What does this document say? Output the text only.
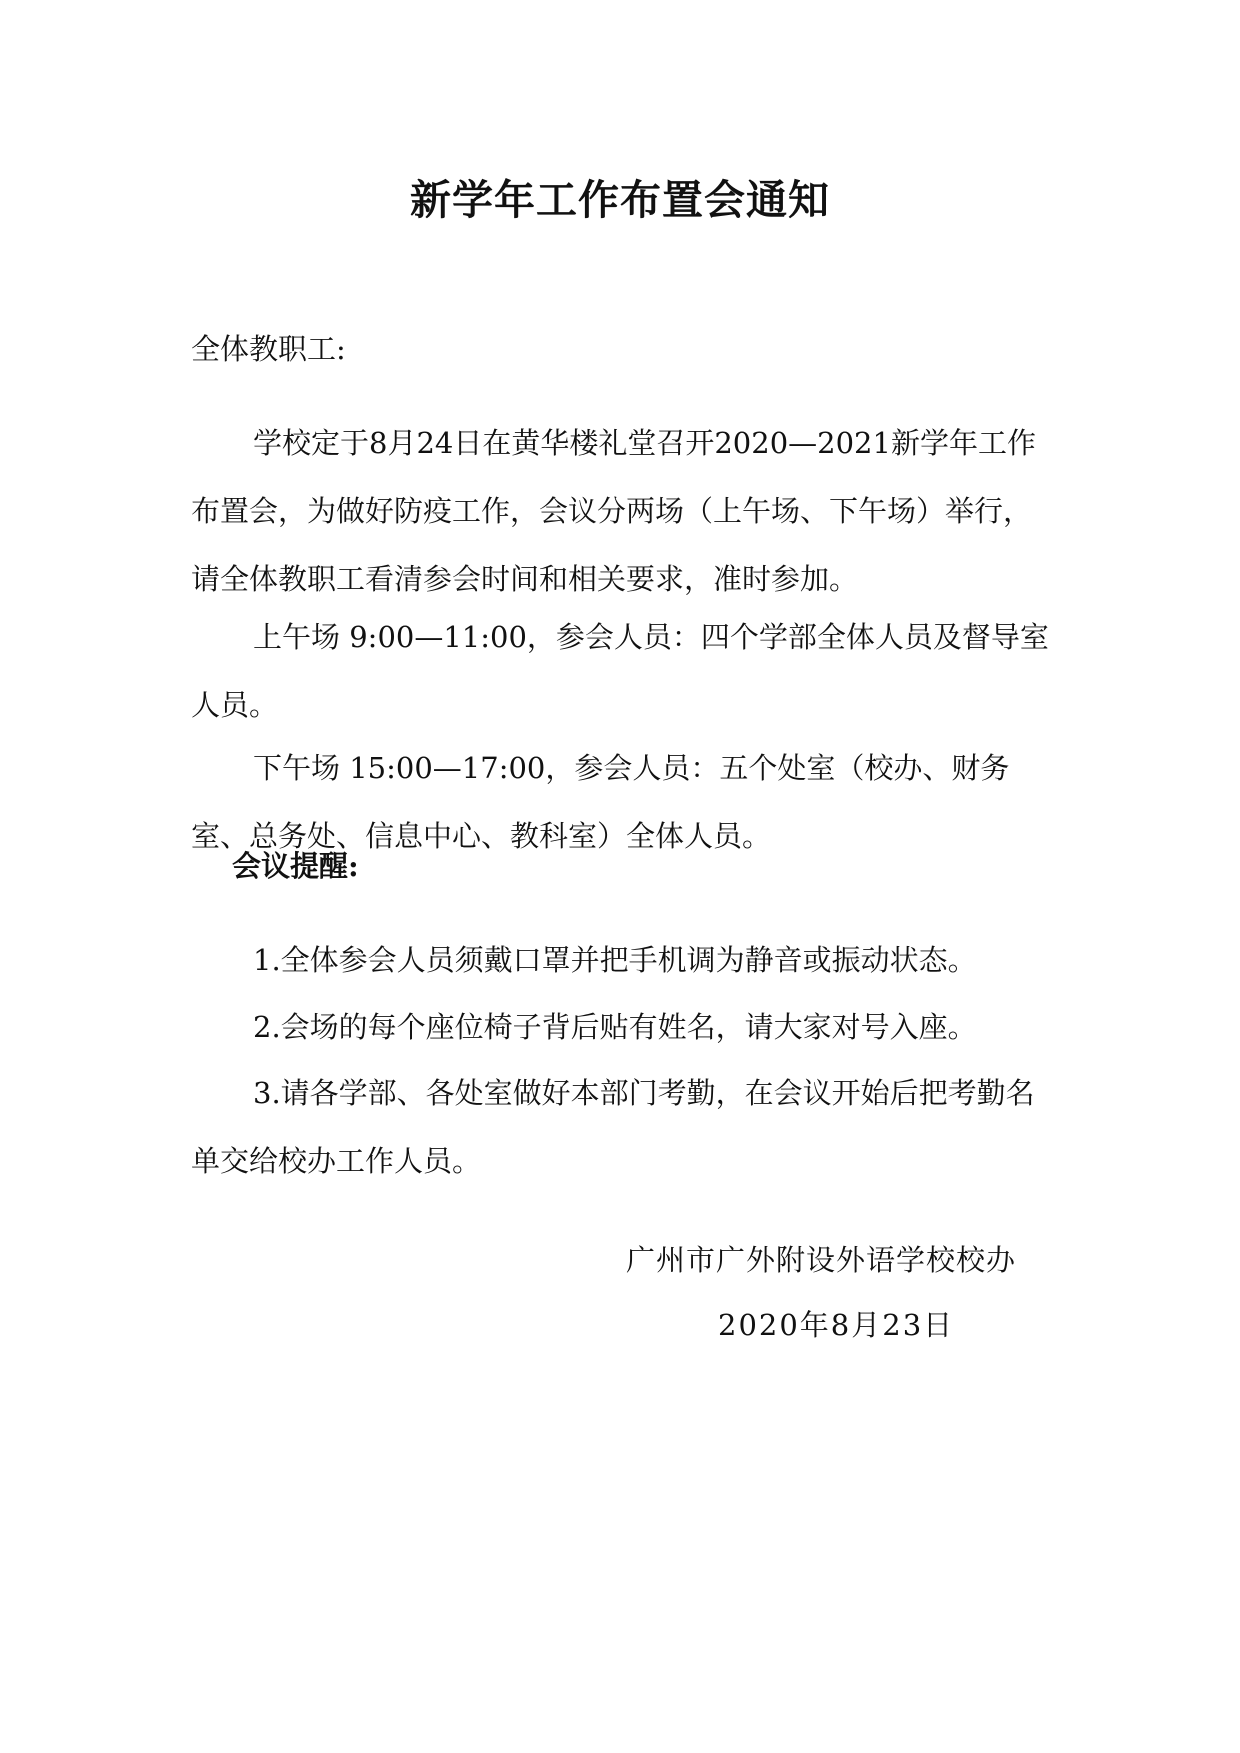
新学年工作布置会通知
全体教职工:

学校定于8月24日在黄华楼礼堂召开2020—2021新学年工作布置会，为做好防疫工作，会议分两场（上午场、下午场）举行，请全体教职工看清参会时间和相关要求，准时参加。

上午场 9:00—11:00，参会人员：四个学部全体人员及督导室人员。

下午场 15:00—17:00，参会人员：五个处室（校办、财务室、总务处、信息中心、教科室）全体人员。

会议提醒:

1.全体参会人员须戴口罩并把手机调为静音或振动状态。

2.会场的每个座位椅子背后贴有姓名，请大家对号入座。

3.请各学部、各处室做好本部门考勤，在会议开始后把考勤名单交给校办工作人员。

广州市广外附设外语学校校办
2020年8月23日
